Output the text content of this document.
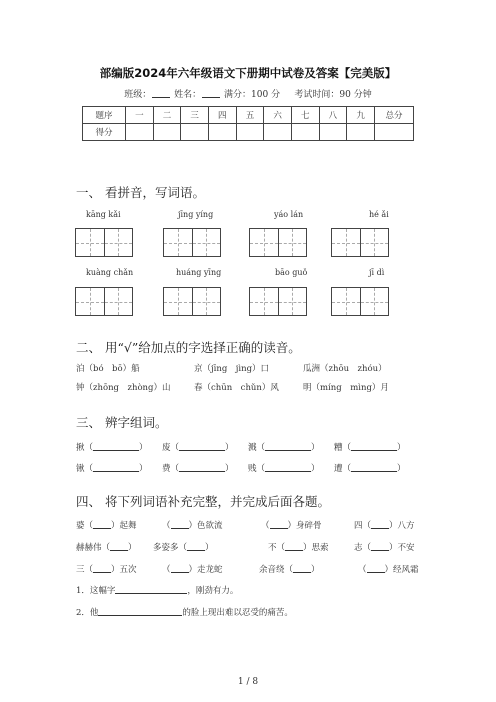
部编版2024年六年级语文下册期中试卷及答案【完美版】
班级：	姓名：	满分：100 分 考试时间：90 分钟
题序	一	二	三	四	五	六	七	八	九	总分
得分										
一、 看拼音，写词语。
kāng kǎi	jīng yíng	yáo lán	hé ǎi
kuàng chǎn	huáng yīng	bāo guǒ	jī dì
二、 用“√”给加点的字选择正确的读音。
泊（bó　bō）船	京（jīng　jìng）口	瓜洲（zhōu　zhóu）
钟（zhōng　zhòng）山	春（chūn　chǔn）风	明（míng　mìng）月
三、 辨字组词。
揪（	） 废（	） 溅（	） 糟（	）
锹（	） 费（	） 贱（	） 遭（	）
四、 将下列词语补充完整，并完成后面各题。
婆（ ）起舞	（ ）色欲流	（ ）身碎骨	四（ ）八方
赫赫伟（ ） 多姿多（ ）	不（ ）思索	志（ ）不安
三（ ）五次	（ ）走龙蛇	余音绕（ ）	（ ）经风霜
1．这幅字	，刚劲有力。
2．他	的脸上现出难以忍受的痛苦。
1 / 8
